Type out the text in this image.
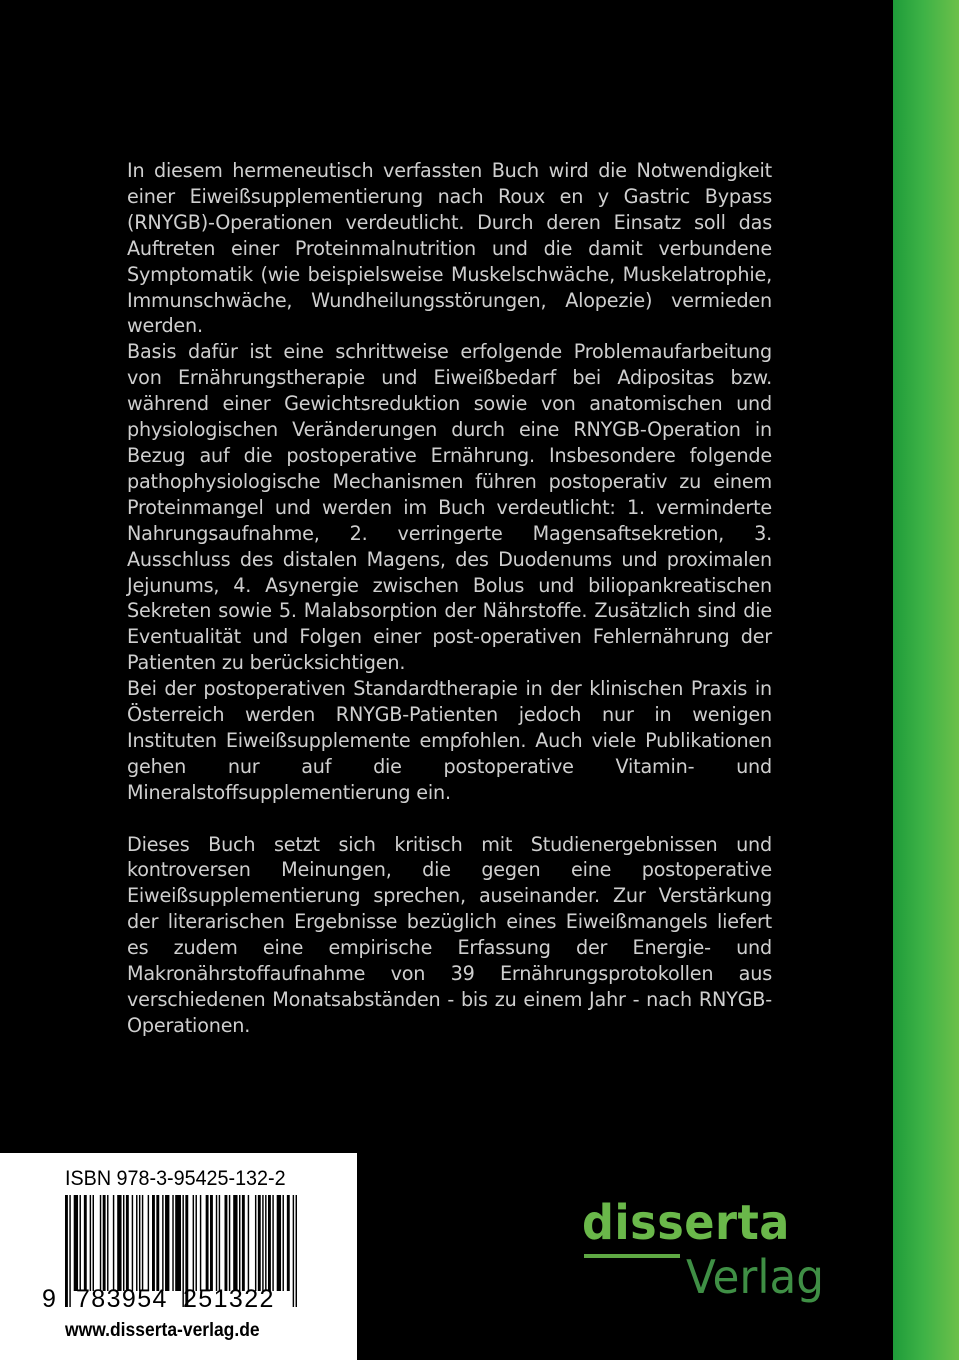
In diesem hermeneutisch verfassten Buch wird die Notwendigkeit einer Eiweißsupplementierung nach Roux en y Gastric Bypass (RNYGB)-Operationen verdeutlicht. Durch deren Einsatz soll das Auftreten einer Proteinmalnutrition und die damit verbundene Symptomatik (wie beispielsweise Muskelschwäche, Muskelatrophie, Immunschwäche, Wundheilungsstörungen, Alopezie) vermieden werden.

Basis dafür ist eine schrittweise erfolgende Problemaufarbeitung von Ernährungstherapie und Eiweißbedarf bei Adipositas bzw. während einer Gewichtsreduktion sowie von anatomischen und physiologischen Veränderungen durch eine RNYGB-Operation in Bezug auf die postoperative Ernährung. Insbesondere folgende pathophysiologische Mechanismen führen postoperativ zu einem Proteinmangel und werden im Buch verdeutlicht: 1. verminderte Nahrungsaufnahme, 2. verringerte Magensaftsekretion, 3. Ausschluss des distalen Magens, des Duodenums und proximalen Jejunums, 4. Asynergie zwischen Bolus und biliopankreatischen Sekreten sowie 5. Malabsorption der Nährstoffe. Zusätzlich sind die Eventualität und Folgen einer post-operativen Fehlernährung der Patienten zu berücksichtigen.

Bei der postoperativen Standardtherapie in der klinischen Praxis in Österreich werden RNYGB-Patienten jedoch nur in wenigen Instituten Eiweißsupplemente empfohlen. Auch viele Publikationen gehen nur auf die postoperative Vitamin- und Mineralstoffsupplementierung ein.

Dieses Buch setzt sich kritisch mit Studienergebnissen und kontroversen Meinungen, die gegen eine postoperative Eiweißsupplementierung sprechen, auseinander. Zur Verstärkung der literarischen Ergebnisse bezüglich eines Eiweißmangels liefert es zudem eine empirische Erfassung der Energie- und Makronährstoffaufnahme von 39 Ernährungsprotokollen aus verschiedenen Monatsabständen - bis zu einem Jahr - nach RNYGB-Operationen.

ISBN 978-3-95425-132-2
9 783954 251322
www.disserta-verlag.de
disserta
Verlag
